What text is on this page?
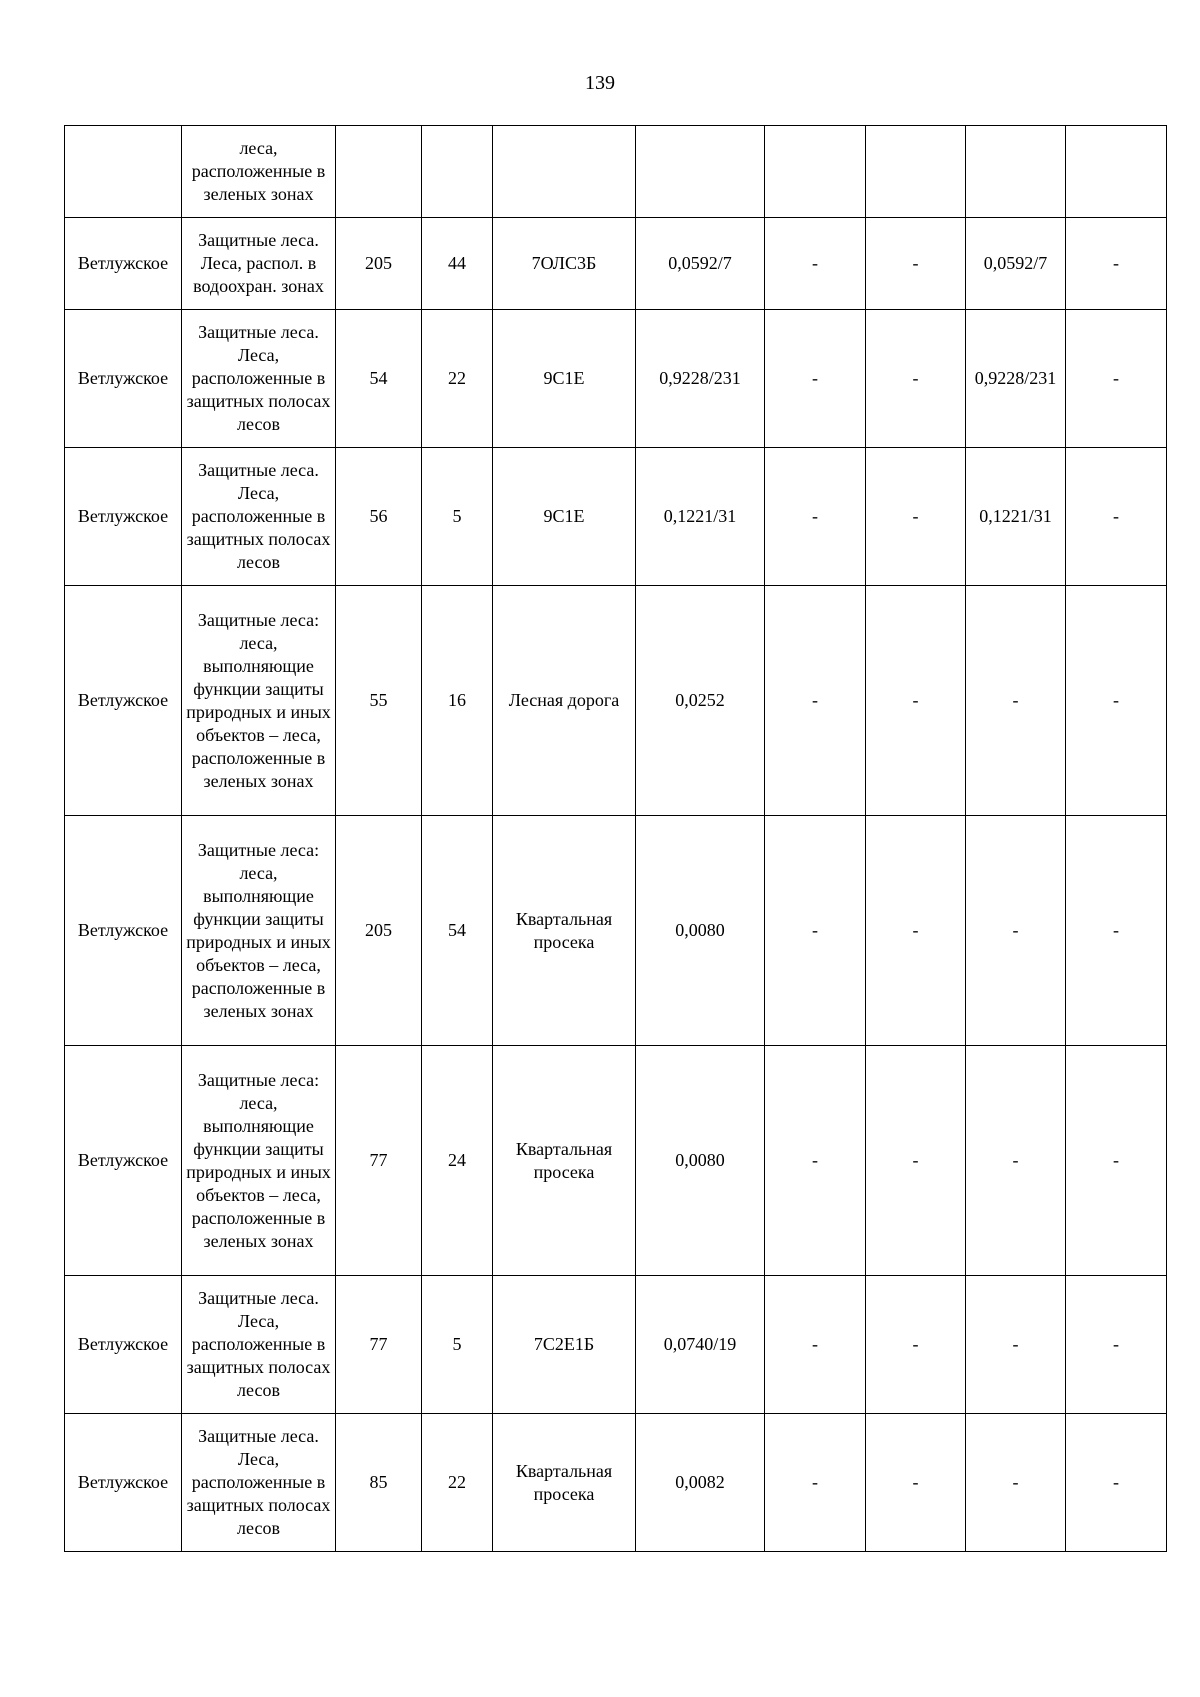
139
	леса, расположенные в зеленых зонах								
Ветлужское	Защитные леса. Леса, распол. в водоохран. зонах	205	44	7ОЛС3Б	0,0592/7	-	-	0,0592/7	-
Ветлужское	Защитные леса. Леса, расположенные в защитных полосах лесов	54	22	9С1Е	0,9228/231	-	-	0,9228/231	-
Ветлужское	Защитные леса. Леса, расположенные в защитных полосах лесов	56	5	9С1Е	0,1221/31	-	-	0,1221/31	-
Ветлужское	Защитные леса: леса, выполняющие функции защиты природных и иных объектов – леса, расположенные в зеленых зонах	55	16	Лесная дорога	0,0252	-	-	-	-
Ветлужское	Защитные леса: леса, выполняющие функции защиты природных и иных объектов – леса, расположенные в зеленых зонах	205	54	Квартальная просека	0,0080	-	-	-	-
Ветлужское	Защитные леса: леса, выполняющие функции защиты природных и иных объектов – леса, расположенные в зеленых зонах	77	24	Квартальная просека	0,0080	-	-	-	-
Ветлужское	Защитные леса. Леса, расположенные в защитных полосах лесов	77	5	7С2Е1Б	0,0740/19	-	-	-	-
Ветлужское	Защитные леса. Леса, расположенные в защитных полосах лесов	85	22	Квартальная просека	0,0082	-	-	-	-
